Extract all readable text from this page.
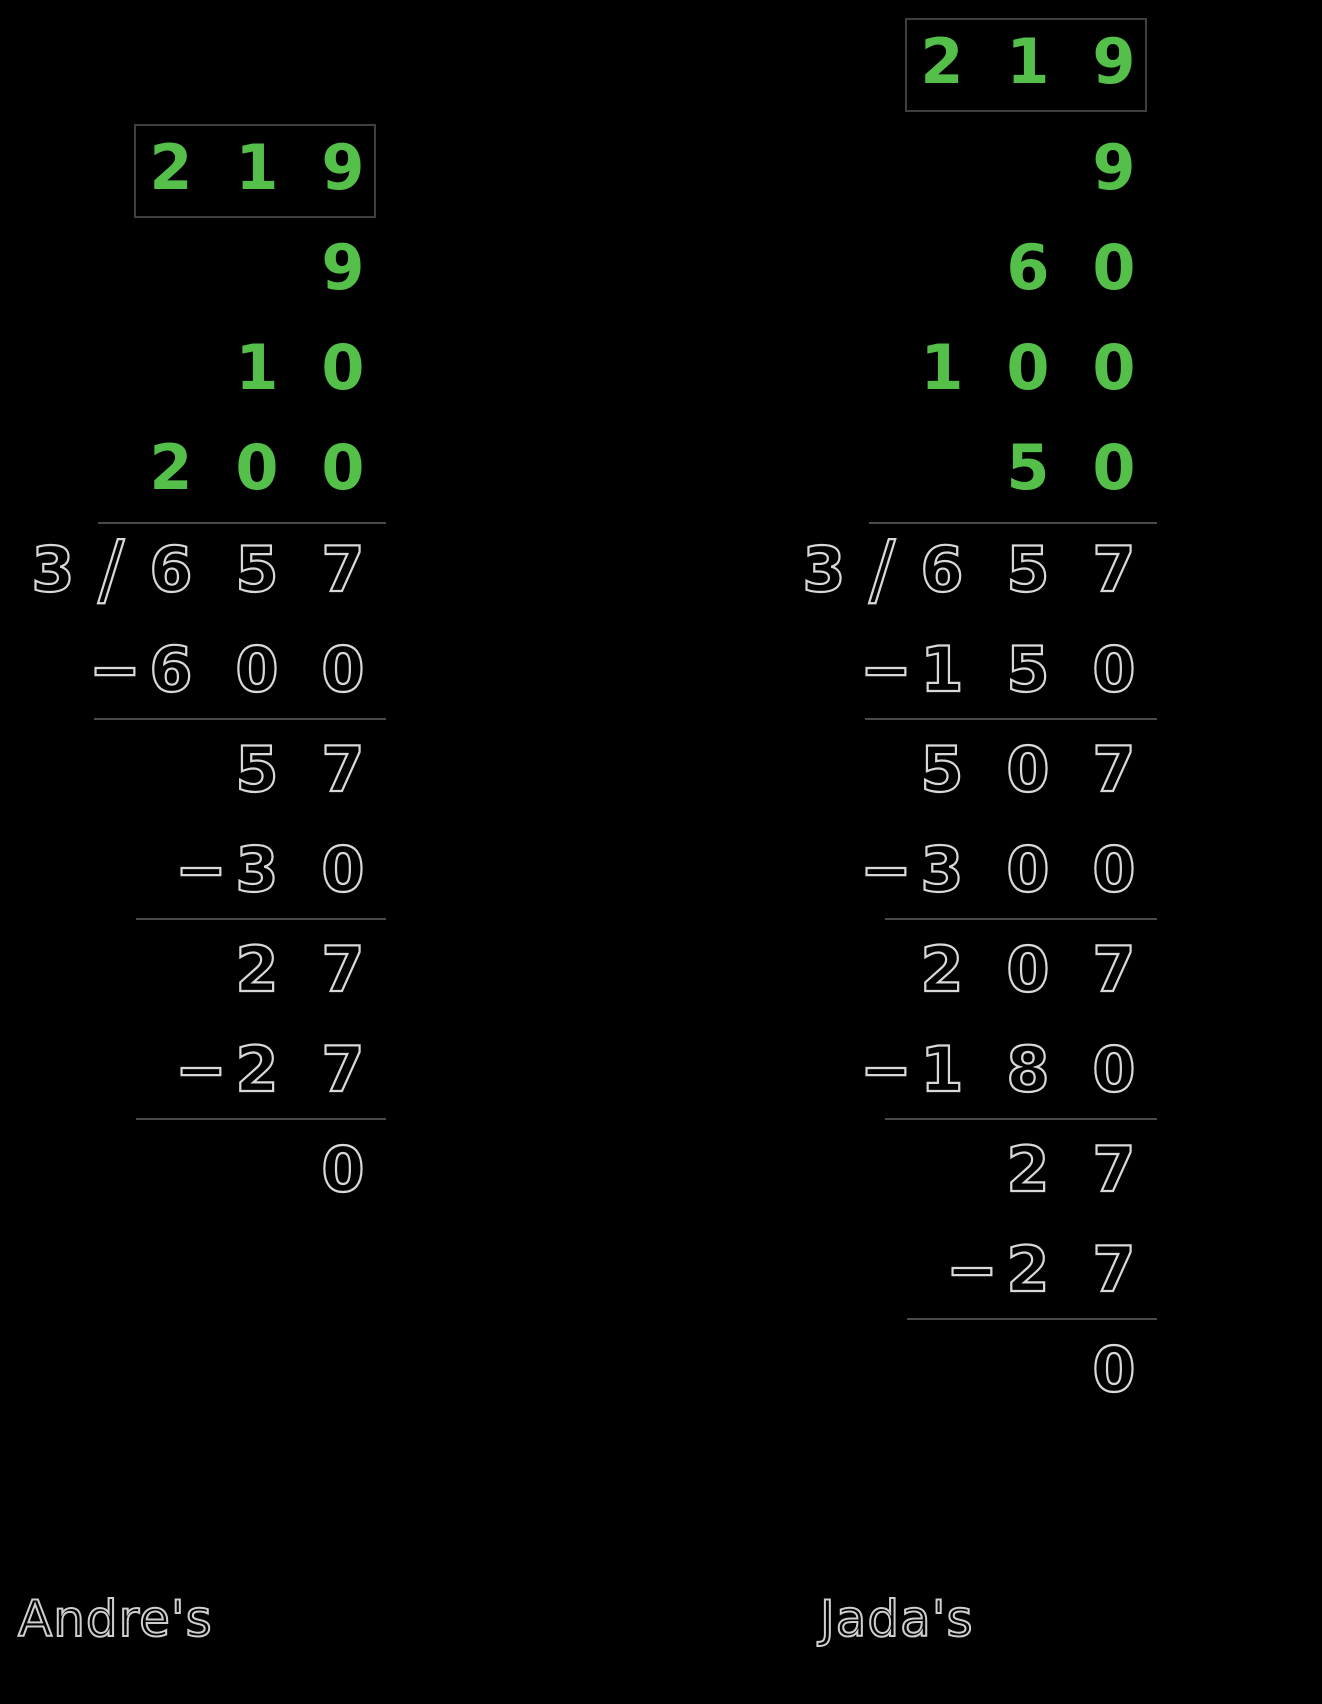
2 1 9
9
1 0
2 0 0
3 ∕ 6 5 7
− 6 0 0
5 7
− 3 0
2 7
− 2 7
0
2 1 9
9
6 0
1 0 0
5 0
3 ∕ 6 5 7
− 1 5 0
5 0 7
− 3 0 0
2 0 7
− 1 8 0
2 7
− 2 7
0
Andre's	Jada's
